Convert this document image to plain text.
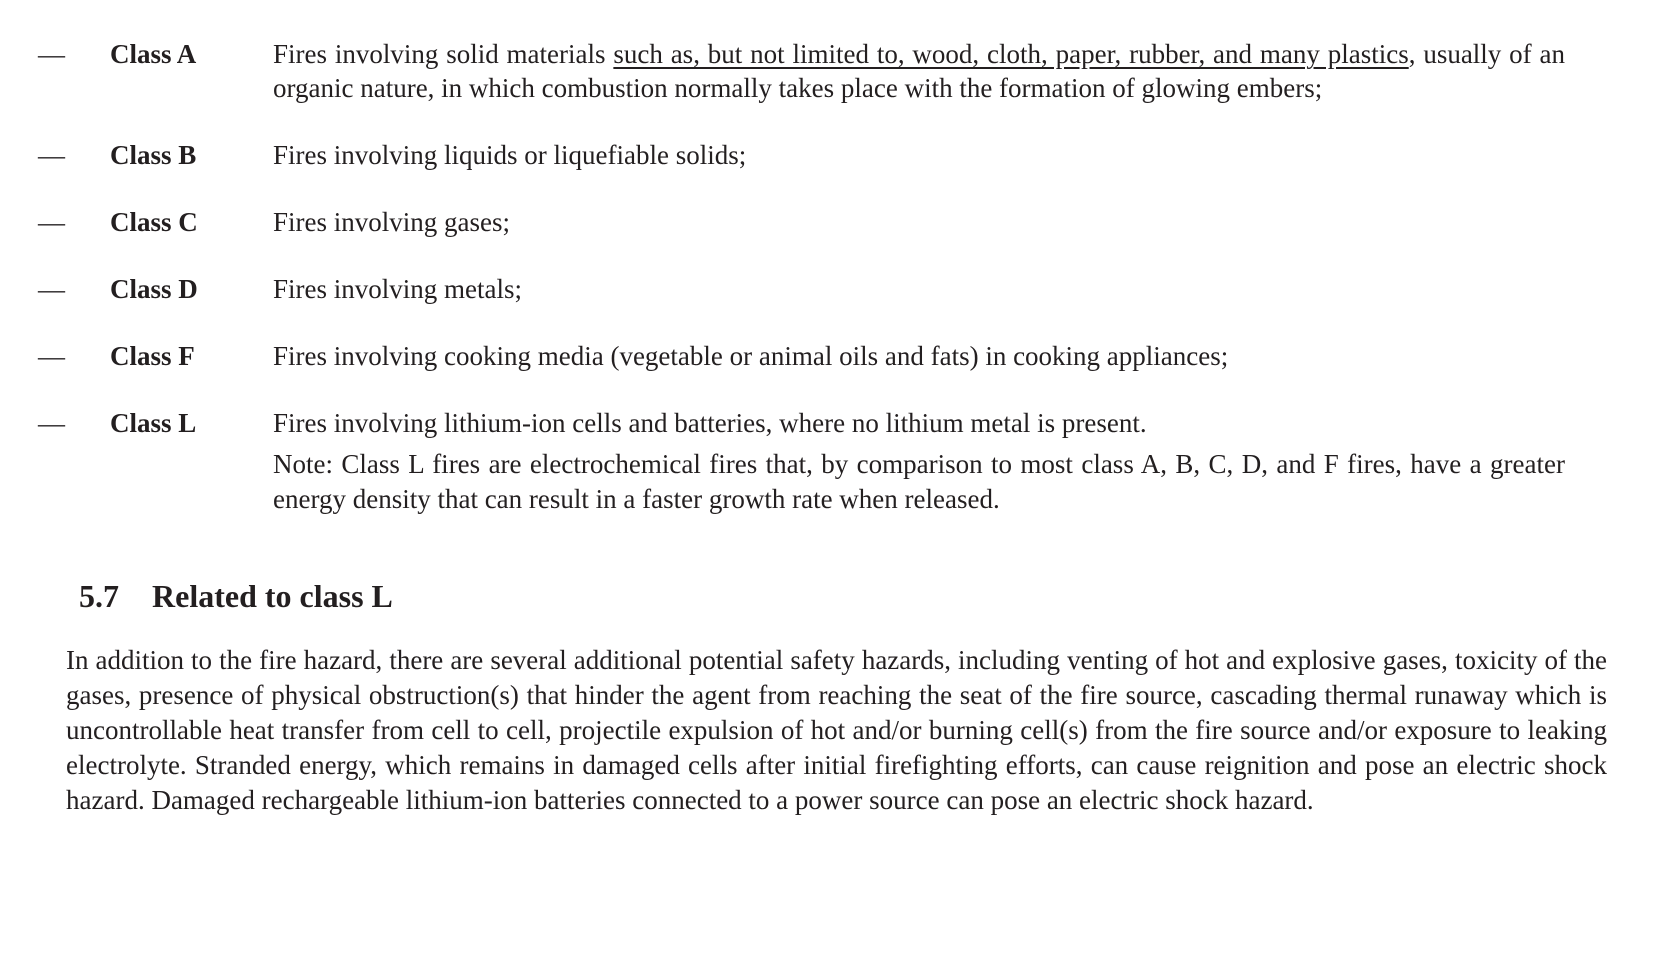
—	Class A	Fires involving solid materials such as, but not limited to, wood, cloth, paper, rubber, and many plastics, usually of an organic nature, in which combustion normally takes place with the formation of glowing embers;
—	Class B	Fires involving liquids or liquefiable solids;
—	Class C	Fires involving gases;
—	Class D	Fires involving metals;
—	Class F	Fires involving cooking media (vegetable or animal oils and fats) in cooking appliances;
—	Class L	Fires involving lithium-ion cells and batteries, where no lithium metal is present.
Note: Class L fires are electrochemical fires that, by comparison to most class A, B, C, D, and F fires, have a greater energy density that can result in a faster growth rate when released.
5.7 Related to class L

In addition to the fire hazard, there are several additional potential safety hazards, including venting of hot and explosive gases, toxicity of the gases, presence of physical obstruction(s) that hinder the agent from reaching the seat of the fire source, cascading thermal runaway which is uncontrollable heat transfer from cell to cell, projectile expulsion of hot and/or burning cell(s) from the fire source and/or exposure to leaking electrolyte. Stranded energy, which remains in damaged cells after initial firefighting efforts, can cause reignition and pose an electric shock hazard. Damaged rechargeable lithium-ion batteries connected to a power source can pose an electric shock hazard.
